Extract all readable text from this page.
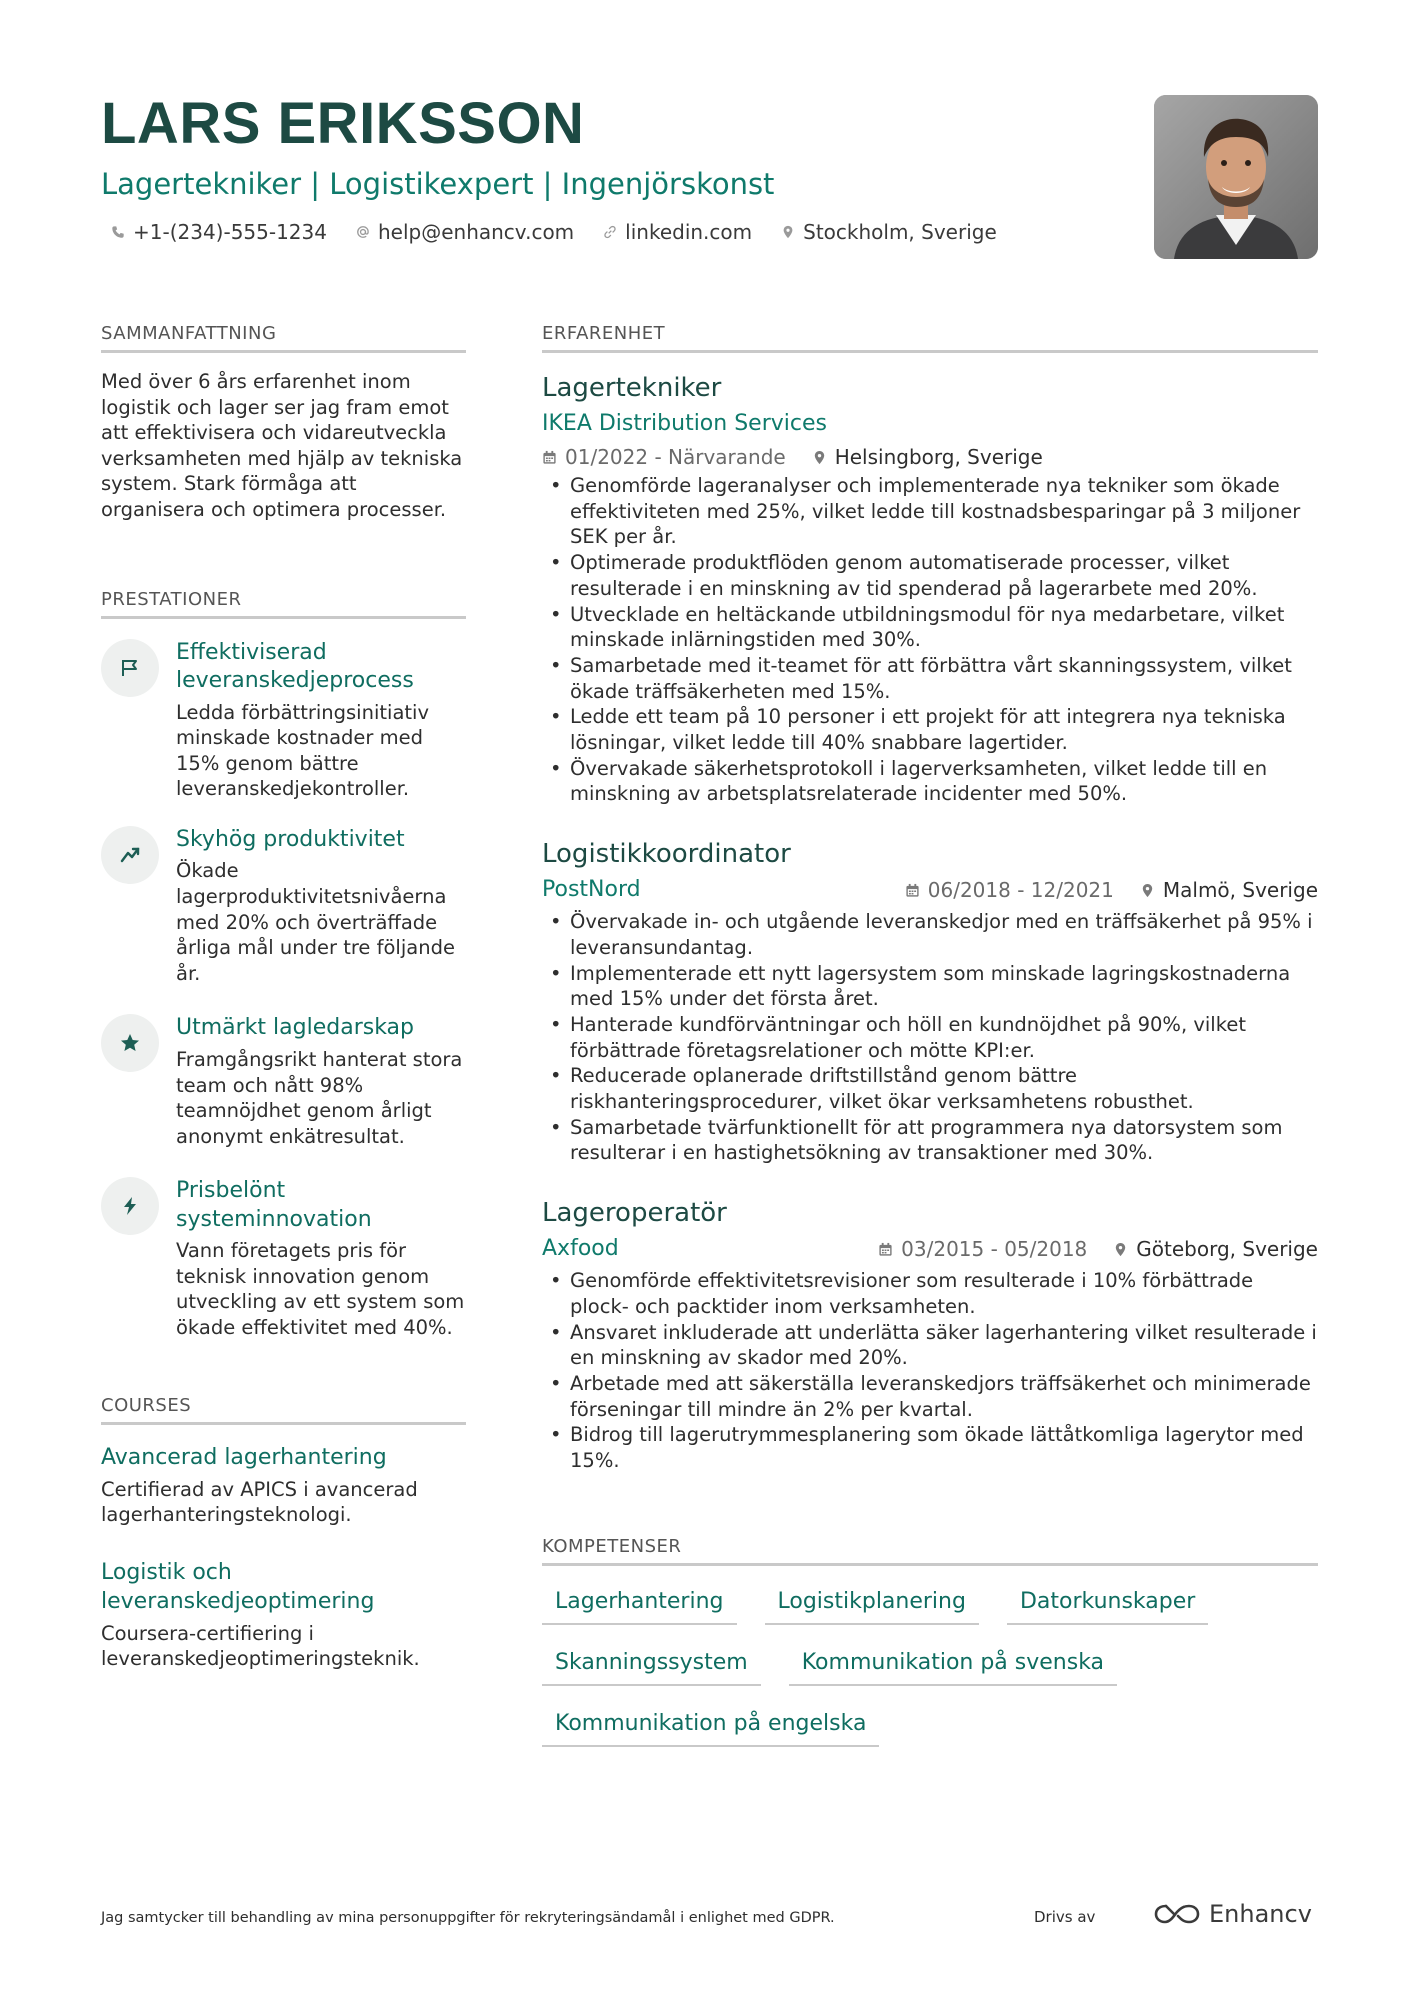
LARS ERIKSSON
Lagertekniker | Logistikexpert | Ingenjörskonst
+1-(234)-555-1234	help@enhancv.com	linkedin.com	Stockholm, Sverige
SAMMANFATTNING
Med över 6 års erfarenhet inom logistik och lager ser jag fram emot att effektivisera och vidareutveckla verksamheten med hjälp av tekniska system. Stark förmåga att organisera och optimera processer.
PRESTATIONER
Effektiviserad leveranskedjeprocess
Ledda förbättringsinitiativ minskade kostnader med 15% genom bättre leveranskedjekontroller.
Skyhög produktivitet
Ökade lagerproduktivitetsnivåerna med 20% och överträffade årliga mål under tre följande år.
Utmärkt lagledarskap
Framgångsrikt hanterat stora team och nått 98% teamnöjdhet genom årligt anonymt enkätresultat.
Prisbelönt systeminnovation
Vann företagets pris för teknisk innovation genom utveckling av ett system som ökade effektivitet med 40%.
COURSES
Avancerad lagerhantering
Certifierad av APICS i avancerad lagerhanteringsteknologi.
Logistik och leveranskedjeoptimering
Coursera-certifiering i leveranskedjeoptimeringsteknik.
ERFARENHET
Lagertekniker
IKEA Distribution Services
01/2022 - Närvarande Helsingborg, Sverige
• Genomförde lageranalyser och implementerade nya tekniker som ökade effektiviteten med 25%, vilket ledde till kostnadsbesparingar på 3 miljoner SEK per år.
• Optimerade produktflöden genom automatiserade processer, vilket resulterade i en minskning av tid spenderad på lagerarbete med 20%.
• Utvecklade en heltäckande utbildningsmodul för nya medarbetare, vilket minskade inlärningstiden med 30%.
• Samarbetade med it-teamet för att förbättra vårt skanningssystem, vilket ökade träffsäkerheten med 15%.
• Ledde ett team på 10 personer i ett projekt för att integrera nya tekniska lösningar, vilket ledde till 40% snabbare lagertider.
• Övervakade säkerhetsprotokoll i lagerverksamheten, vilket ledde till en minskning av arbetsplatsrelaterade incidenter med 50%.
Logistikkoordinator
PostNord	06/2018 - 12/2021 Malmö, Sverige
• Övervakade in- och utgående leveranskedjor med en träffsäkerhet på 95% i leveransundantag.
• Implementerade ett nytt lagersystem som minskade lagringskostnaderna med 15% under det första året.
• Hanterade kundförväntningar och höll en kundnöjdhet på 90%, vilket förbättrade företagsrelationer och mötte KPI:er.
• Reducerade oplanerade driftstillstånd genom bättre riskhanteringsprocedurer, vilket ökar verksamhetens robusthet.
• Samarbetade tvärfunktionellt för att programmera nya datorsystem som resulterar i en hastighetsökning av transaktioner med 30%.
Lageroperatör
Axfood	03/2015 - 05/2018 Göteborg, Sverige
• Genomförde effektivitetsrevisioner som resulterade i 10% förbättrade plock- och packtider inom verksamheten.
• Ansvaret inkluderade att underlätta säker lagerhantering vilket resulterade i en minskning av skador med 20%.
• Arbetade med att säkerställa leveranskedjors träffsäkerhet och minimerade förseningar till mindre än 2% per kvartal.
• Bidrog till lagerutrymmesplanering som ökade lättåtkomliga lagerytor med 15%.
KOMPETENSER
Lagerhantering	Logistikplanering	Datorkunskaper
Skanningssystem	Kommunikation på svenska
Kommunikation på engelska
Jag samtycker till behandling av mina personuppgifter för rekryteringsändamål i enlighet med GDPR.	Drivs av	Enhancv
